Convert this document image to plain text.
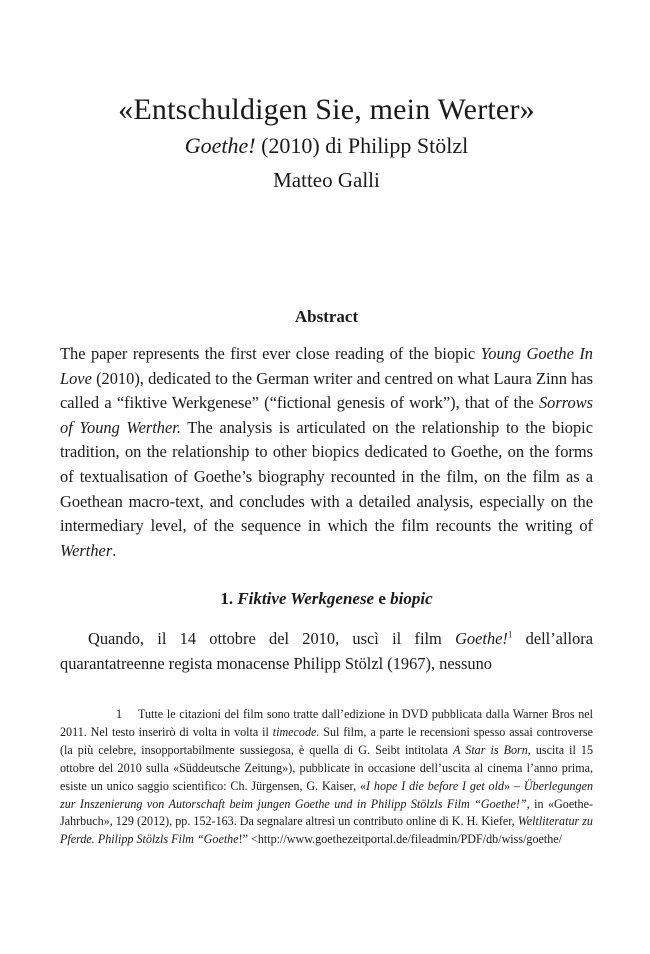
«Entschuldigen Sie, mein Werter»
Goethe! (2010) di Philipp Stölzl
Matteo Galli
Abstract
The paper represents the first ever close reading of the biopic Young Goethe In Love (2010), dedicated to the German writer and centred on what Laura Zinn has called a “fiktive Werkgenese” (“fictional genesis of work”), that of the Sorrows of Young Werther. The analysis is articulated on the relationship to the biopic tradition, on the relationship to other biopics dedicated to Goethe, on the forms of textualisation of Goethe’s biography recounted in the film, on the film as a Goethean macro-text, and concludes with a detailed analysis, especially on the intermediary level, of the sequence in which the film recounts the writing of Werther.
1. Fiktive Werkgenese e biopic
Quando, il 14 ottobre del 2010, uscì il film Goethe!$^1$ dell’allora quarantatreenne regista monacense Philipp Stölzl (1967), nessuno
1 Tutte le citazioni del film sono tratte dall’edizione in DVD pubblicata dalla Warner Bros nel 2011. Nel testo inserirò di volta in volta il timecode. Sul film, a parte le recensioni spesso assai controverse (la più celebre, insopportabilmente sussiegosa, è quella di G. Seibt intitolata A Star is Born, uscita il 15 ottobre del 2010 sulla «Süddeutsche Zeitung»), pubblicate in occasione dell’uscita al cinema l’anno prima, esiste un unico saggio scientifico: Ch. Jürgensen, G. Kaiser, «I hope I die before I get old» – Überlegungen zur Inszenierung von Autorschaft beim jungen Goethe und in Philipp Stölzls Film “Goethe!”, in «Goethe-Jahrbuch», 129 (2012), pp. 152-163. Da segnalare altresì un contributo online di K. H. Kiefer, Weltliteratur zu Pferde. Philipp Stölzls Film “Goethe!” <http://www.goethezeitportal.de/fileadmin/PDF/db/wiss/goethe/
